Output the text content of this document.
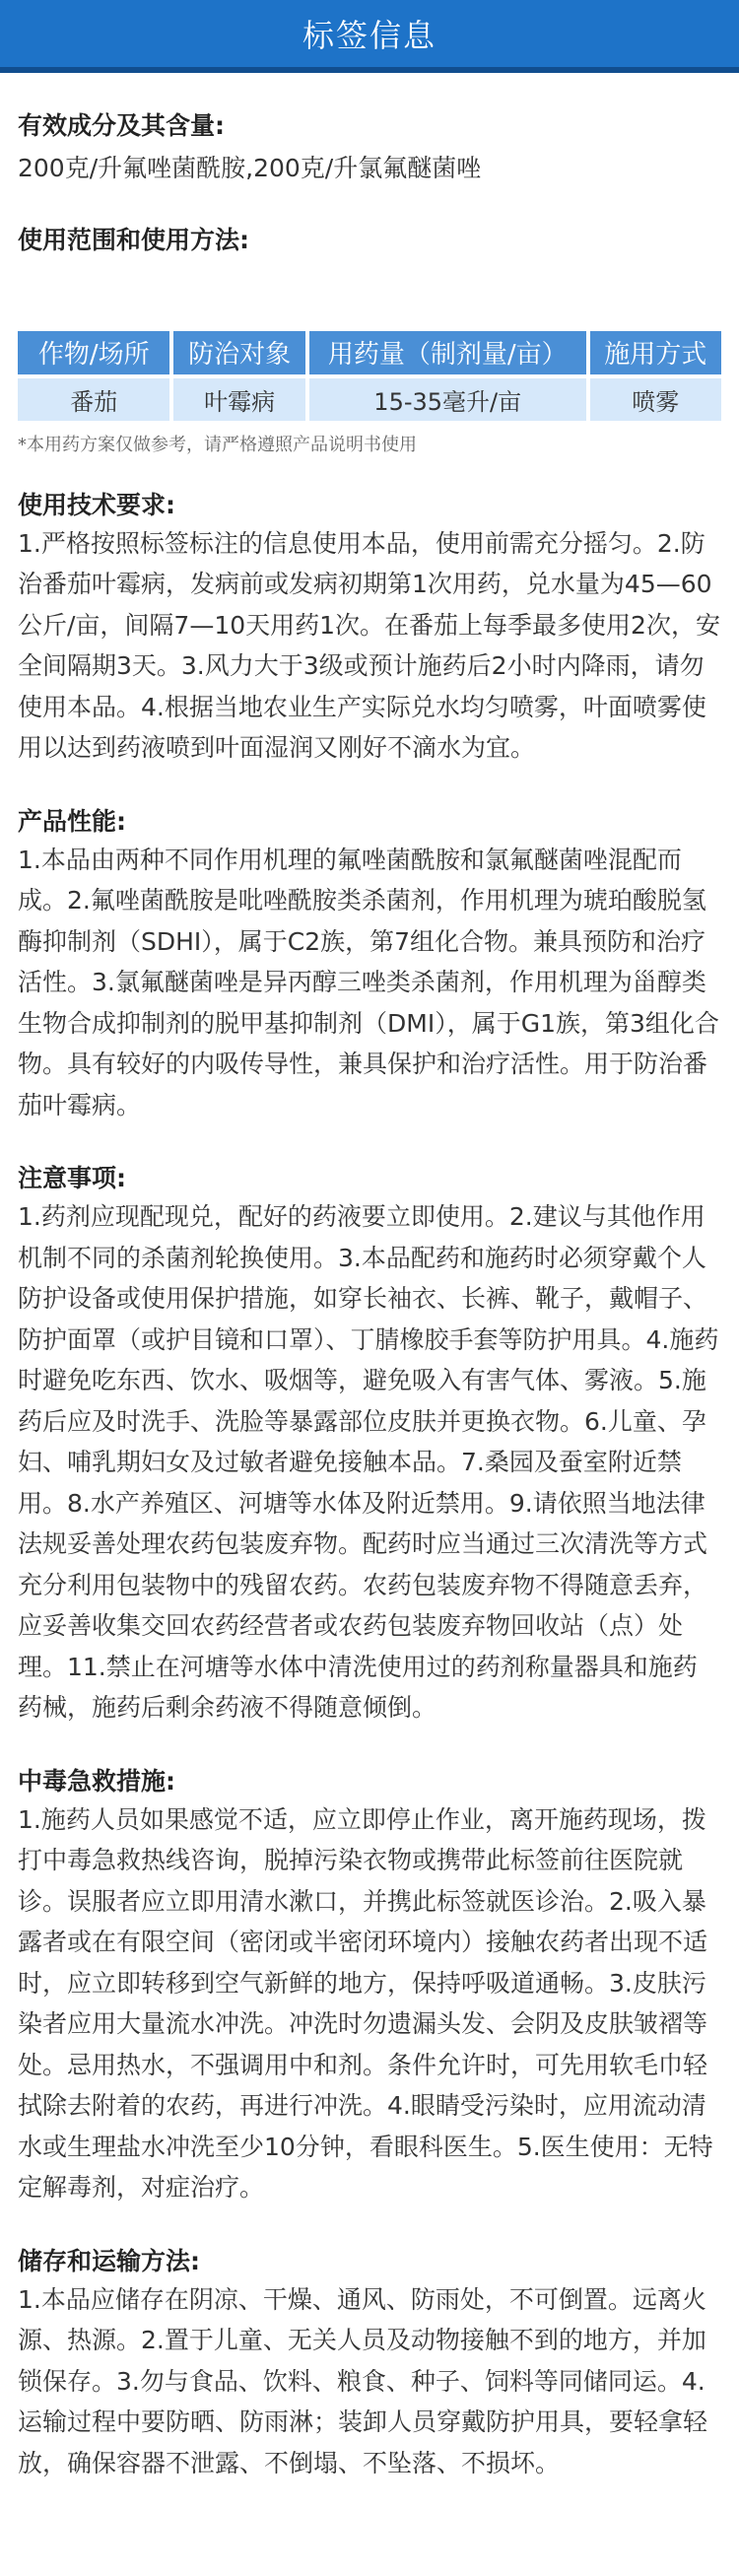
标签信息

有效成分及其含量:

200克/升氟唑菌酰胺,200克/升氯氟醚菌唑

使用范围和使用方法:

作物/场所	防治对象	用药量（制剂量/亩）	施用方式
番茄	叶霉病	15-35毫升/亩	喷雾

*本用药方案仅做参考，请严格遵照产品说明书使用

使用技术要求:

1.严格按照标签标注的信息使用本品，使用前需充分摇匀。2.防治番茄叶霉病，发病前或发病初期第1次用药，兑水量为45—60公斤/亩，间隔7—10天用药1次。在番茄上每季最多使用2次，安全间隔期3天。3.风力大于3级或预计施药后2小时内降雨，请勿使用本品。4.根据当地农业生产实际兑水均匀喷雾，叶面喷雾使用以达到药液喷到叶面湿润又刚好不滴水为宜。

产品性能:

1.本品由两种不同作用机理的氟唑菌酰胺和氯氟醚菌唑混配而成。2.氟唑菌酰胺是吡唑酰胺类杀菌剂，作用机理为琥珀酸脱氢酶抑制剂（SDHI），属于C2族，第7组化合物。兼具预防和治疗活性。3.氯氟醚菌唑是异丙醇三唑类杀菌剂，作用机理为甾醇类生物合成抑制剂的脱甲基抑制剂（DMI），属于G1族，第3组化合物。具有较好的内吸传导性，兼具保护和治疗活性。用于防治番茄叶霉病。

注意事项:

1.药剂应现配现兑，配好的药液要立即使用。2.建议与其他作用机制不同的杀菌剂轮换使用。3.本品配药和施药时必须穿戴个人防护设备或使用保护措施，如穿长袖衣、长裤、靴子，戴帽子、防护面罩（或护目镜和口罩）、丁腈橡胶手套等防护用具。4.施药时避免吃东西、饮水、吸烟等，避免吸入有害气体、雾液。5.施药后应及时洗手、洗脸等暴露部位皮肤并更换衣物。6.儿童、孕妇、哺乳期妇女及过敏者避免接触本品。7.桑园及蚕室附近禁用。8.水产养殖区、河塘等水体及附近禁用。9.请依照当地法律法规妥善处理农药包装废弃物。配药时应当通过三次清洗等方式充分利用包装物中的残留农药。农药包装废弃物不得随意丢弃，应妥善收集交回农药经营者或农药包装废弃物回收站（点）处理。11.禁止在河塘等水体中清洗使用过的药剂称量器具和施药药械，施药后剩余药液不得随意倾倒。

中毒急救措施:

1.施药人员如果感觉不适，应立即停止作业，离开施药现场，拨打中毒急救热线咨询，脱掉污染衣物或携带此标签前往医院就诊。误服者应立即用清水漱口，并携此标签就医诊治。2.吸入暴露者或在有限空间（密闭或半密闭环境内）接触农药者出现不适时，应立即转移到空气新鲜的地方，保持呼吸道通畅。3.皮肤污染者应用大量流水冲洗。冲洗时勿遗漏头发、会阴及皮肤皱褶等处。忌用热水，不强调用中和剂。条件允许时，可先用软毛巾轻拭除去附着的农药，再进行冲洗。4.眼睛受污染时，应用流动清水或生理盐水冲洗至少10分钟，看眼科医生。5.医生使用：无特定解毒剂，对症治疗。

储存和运输方法:

1.本品应储存在阴凉、干燥、通风、防雨处，不可倒置。远离火源、热源。2.置于儿童、无关人员及动物接触不到的地方，并加锁保存。3.勿与食品、饮料、粮食、种子、饲料等同储同运。4.运输过程中要防晒、防雨淋；装卸人员穿戴防护用具，要轻拿轻放，确保容器不泄露、不倒塌、不坠落、不损坏。
